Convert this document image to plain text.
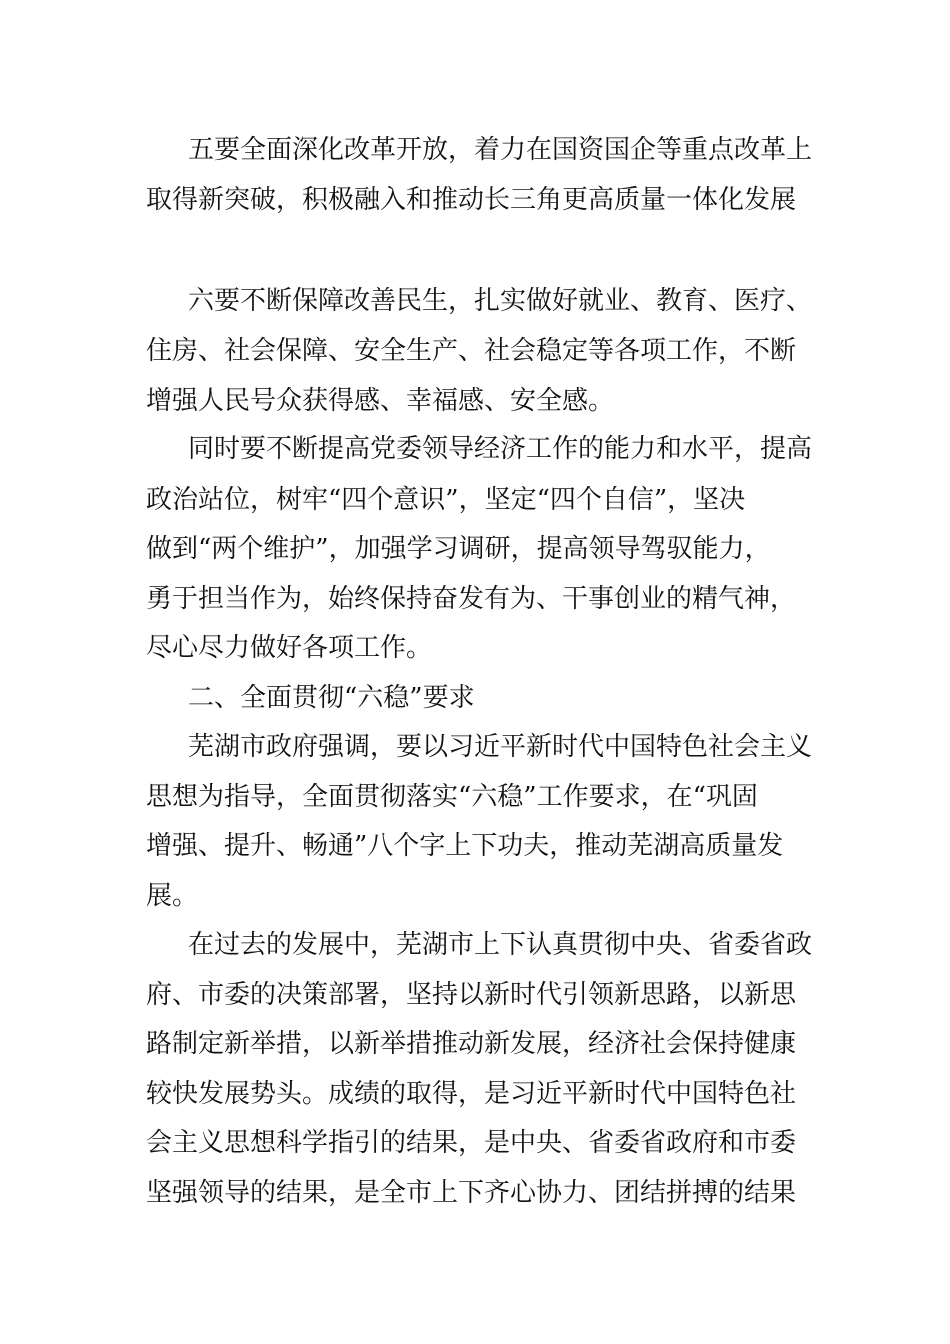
五要全面深化改革开放，着力在国资国企等重点改革上
取得新突破，积极融入和推动长三角更高质量一体化发展
六要不断保障改善民生，扎实做好就业、教育、医疗、
住房、社会保障、安全生产、社会稳定等各项工作，不断
增强人民号众获得感、幸福感、安全感。
同时要不断提高党委领导经济工作的能力和水平，提高
政治站位，树牢“四个意识”，坚定“四个自信”，坚决
做到“两个维护”，加强学习调研，提高领导驾驭能力，
勇于担当作为，始终保持奋发有为、干事创业的精气神，
尽心尽力做好各项工作。
二、全面贯彻“六稳”要求
芜湖市政府强调，要以习近平新时代中国特色社会主义
思想为指导，全面贯彻落实“六稳”工作要求，在“巩固
增强、提升、畅通”八个字上下功夫，推动芜湖高质量发
展。
在过去的发展中，芜湖市上下认真贯彻中央、省委省政
府、市委的决策部署，坚持以新时代引领新思路，以新思
路制定新举措，以新举措推动新发展，经济社会保持健康
较快发展势头。成绩的取得，是习近平新时代中国特色社
会主义思想科学指引的结果，是中央、省委省政府和市委
坚强领导的结果，是全市上下齐心协力、团结拼搏的结果
